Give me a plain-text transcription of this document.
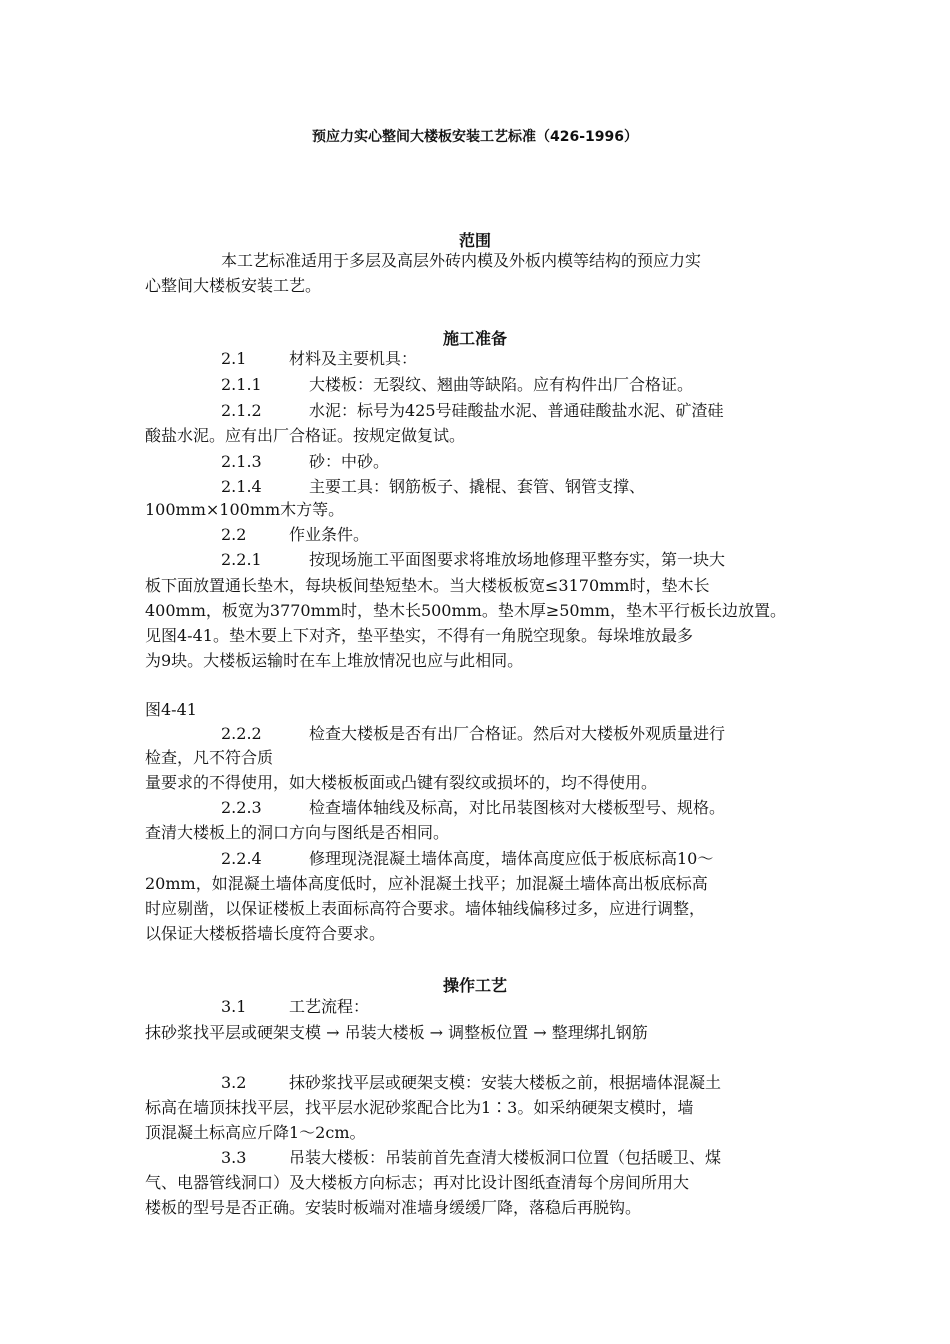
预应力实心整间大楼板安装工艺标准（426-1996）
范围
本工艺标准适用于多层及高层外砖内模及外板内模等结构的预应力实
心整间大楼板安装工艺。
施工准备
2.1	材料及主要机具：
2.1.1	大楼板：无裂纹、翘曲等缺陷。应有构件出厂合格证。
2.1.2	水泥：标号为425号硅酸盐水泥、普通硅酸盐水泥、矿渣硅
酸盐水泥。应有出厂合格证。按规定做复试。
2.1.3	砂：中砂。
2.1.4	主要工具：钢筋板子、撬棍、套管、钢管支撑、
100mm×100mm木方等。
2.2	作业条件。
2.2.1	按现场施工平面图要求将堆放场地修理平整夯实，第一块大
板下面放置通长垫木，每块板间垫短垫木。当大楼板板宽≤3170mm时，垫木长
400mm，板宽为3770mm时，垫木长500mm。垫木厚≥50mm，垫木平行板长边放置。
见图4-41。垫木要上下对齐，垫平垫实，不得有一角脱空现象。每垛堆放最多
为9块。大楼板运输时在车上堆放情况也应与此相同。
图4-41
2.2.2	检查大楼板是否有出厂合格证。然后对大楼板外观质量进行
检查，凡不符合质
量要求的不得使用，如大楼板板面或凸键有裂纹或损坏的，均不得使用。
2.2.3	检查墙体轴线及标高，对比吊装图核对大楼板型号、规格。
查清大楼板上的洞口方向与图纸是否相同。
2.2.4	修理现浇混凝土墙体高度，墙体高度应低于板底标高10～
20mm，如混凝土墙体高度低时，应补混凝土找平；加混凝土墙体高出板底标高
时应剔凿，以保证楼板上表面标高符合要求。墙体轴线偏移过多，应进行调整，
以保证大楼板搭墙长度符合要求。
操作工艺
3.1	工艺流程：
抹砂浆找平层或硬架支模 → 吊装大楼板 → 调整板位置 → 整理绑扎钢筋
3.2	抹砂浆找平层或硬架支模：安装大楼板之前，根据墙体混凝土
标高在墙顶抹找平层，找平层水泥砂浆配合比为1∶3。如采纳硬架支模时，墙
顶混凝土标高应斤降1～2cm。
3.3	吊装大楼板：吊装前首先查清大楼板洞口位置（包括暖卫、煤
气、电器管线洞口）及大楼板方向标志；再对比设计图纸查清每个房间所用大
楼板的型号是否正确。安装时板端对准墙身缓缓厂降，落稳后再脱钩。
